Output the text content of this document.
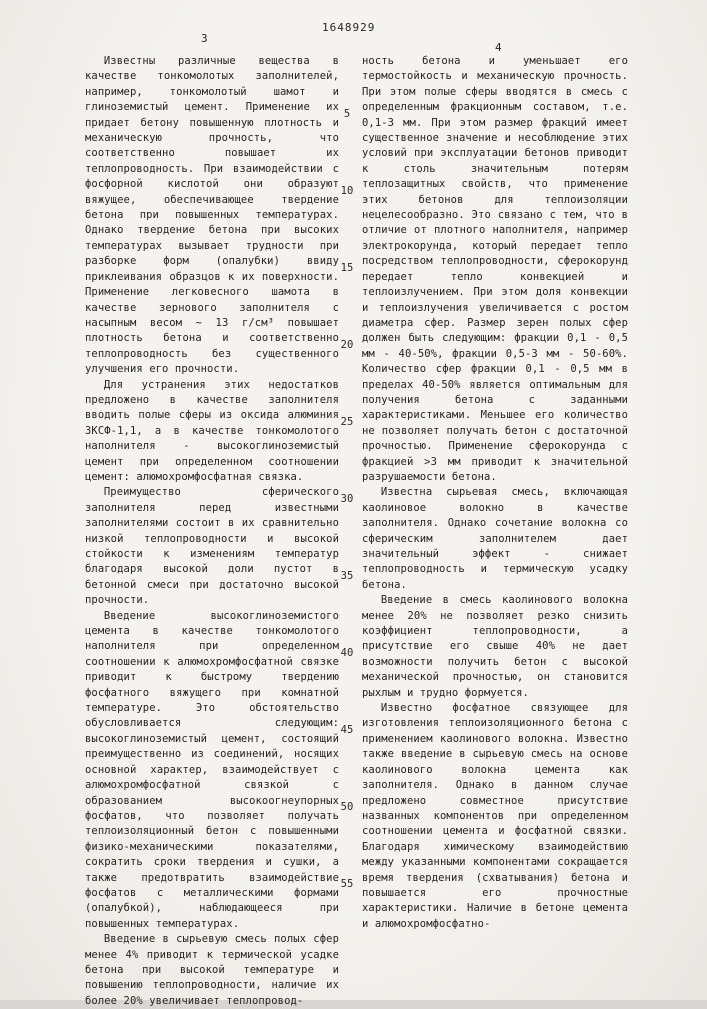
3
1648929
4

Известны различные вещества в качестве тонкомолотых заполнителей, например, тонкомолотый шамот и глиноземистый цемент. Применение их придает бетону повышенную плотность и механическую прочность, что соответственно повышает их теплопроводность. При взаимодействии с фосфорной кислотой они образуют вяжущее, обеспечивающее твердение бетона при повышенных температурах. Однако твердение бетона при высоких температурах вызывает трудности при разборке форм (опалубки) ввиду приклеивания образцов к их поверхности. Применение легковесного шамота в качестве зернового заполнителя с насыпным весом ~ 13 г/см³ повышает плотность бетона и соответственно теплопроводность без существенного улучшения его прочности.

Для устранения этих недостатков предложено в качестве заполнителя вводить полые сферы из оксида алюминия ЗКСФ-1,1, а в качестве тонкомолотого наполнителя - высокоглиноземистый цемент при определенном соотношении цемент: алюмохромфосфатная связка.

Преимущество сферического заполнителя перед известными заполнителями состоит в их сравнительно низкой теплопроводности и высокой стойкости к изменениям температур благодаря высокой доли пустот в бетонной смеси при достаточно высокой прочности.

Введение высокоглиноземистого цемента в качестве тонкомолотого наполнителя при определенном соотношении к алюмохромфосфатной связке приводит к быстрому твердению фосфатного вяжущего при комнатной температуре. Это обстоятельство обусловливается следующим: высокоглиноземистый цемент, состоящий преимущественно из соединений, носящих основной характер, взаимодействует с алюмохромфосфатной связкой с образованием высокоогнеупорных фосфатов, что позволяет получать теплоизоляционный бетон с повышенными физико-механическими показателями, сократить сроки твердения и сушки, а также предотвратить взаимодействие фосфатов с металлическими формами (опалубкой), наблюдающееся при повышенных температурах.

Введение в сырьевую смесь полых сфер менее 4% приводит к термической усадке бетона при высокой температуре и повышению теплопроводности, наличие их более 20% увеличивает теплопровод-

5
10
15
20
25
30
35
40
45
50
55

ность бетона и уменьшает его термостойкость и механическую прочность. При этом полые сферы вводятся в смесь с определенным фракционным составом, т.е. 0,1-3 мм. При этом размер фракций имеет существенное значение и несоблюдение этих условий при эксплуатации бетонов приводит к столь значительным потерям теплозащитных свойств, что применение этих бетонов для теплоизоляции нецелесообразно. Это связано с тем, что в отличие от плотного наполнителя, например электрокорунда, который передает тепло посредством теплопроводности, сферокорунд передает тепло конвекцией и теплоизлучением. При этом доля конвекции и теплоизлучения увеличивается с ростом диаметра сфер. Размер зерен полых сфер должен быть следующим: фракции 0,1 - 0,5 мм - 40-50%, фракции 0,5-3 мм - 50-60%. Количество сфер фракции 0,1 - 0,5 мм в пределах 40-50% является оптимальным для получения бетона с заданными характеристиками. Меньшее его количество не позволяет получать бетон с достаточной прочностью. Применение сферокорунда с фракцией >3 мм приводит к значительной разрушаемости бетона.

Известна сырьевая смесь, включающая каолиновое волокно в качестве заполнителя. Однако сочетание волокна со сферическим заполнителем дает значительный эффект - снижает теплопроводность и термическую усадку бетона.

Введение в смесь каолинового волокна менее 20% не позволяет резко снизить коэффициент теплопроводности, а присутствие его свыше 40% не дает возможности получить бетон с высокой механической прочностью, он становится рыхлым и трудно формуется.

Известно фосфатное связующее для изготовления теплоизоляционного бетона с применением каолинового волокна. Известно также введение в сырьевую смесь на основе каолинового волокна цемента как заполнителя. Однако в данном случае предложено совместное присутствие названных компонентов при определенном соотношении цемента и фосфатной связки. Благодаря химическому взаимодействию между указанными компонентами сокращается время твердения (схватывания) бетона и повышается его прочностные характеристики. Наличие в бетоне цемента и алюмохромфосфатно-
